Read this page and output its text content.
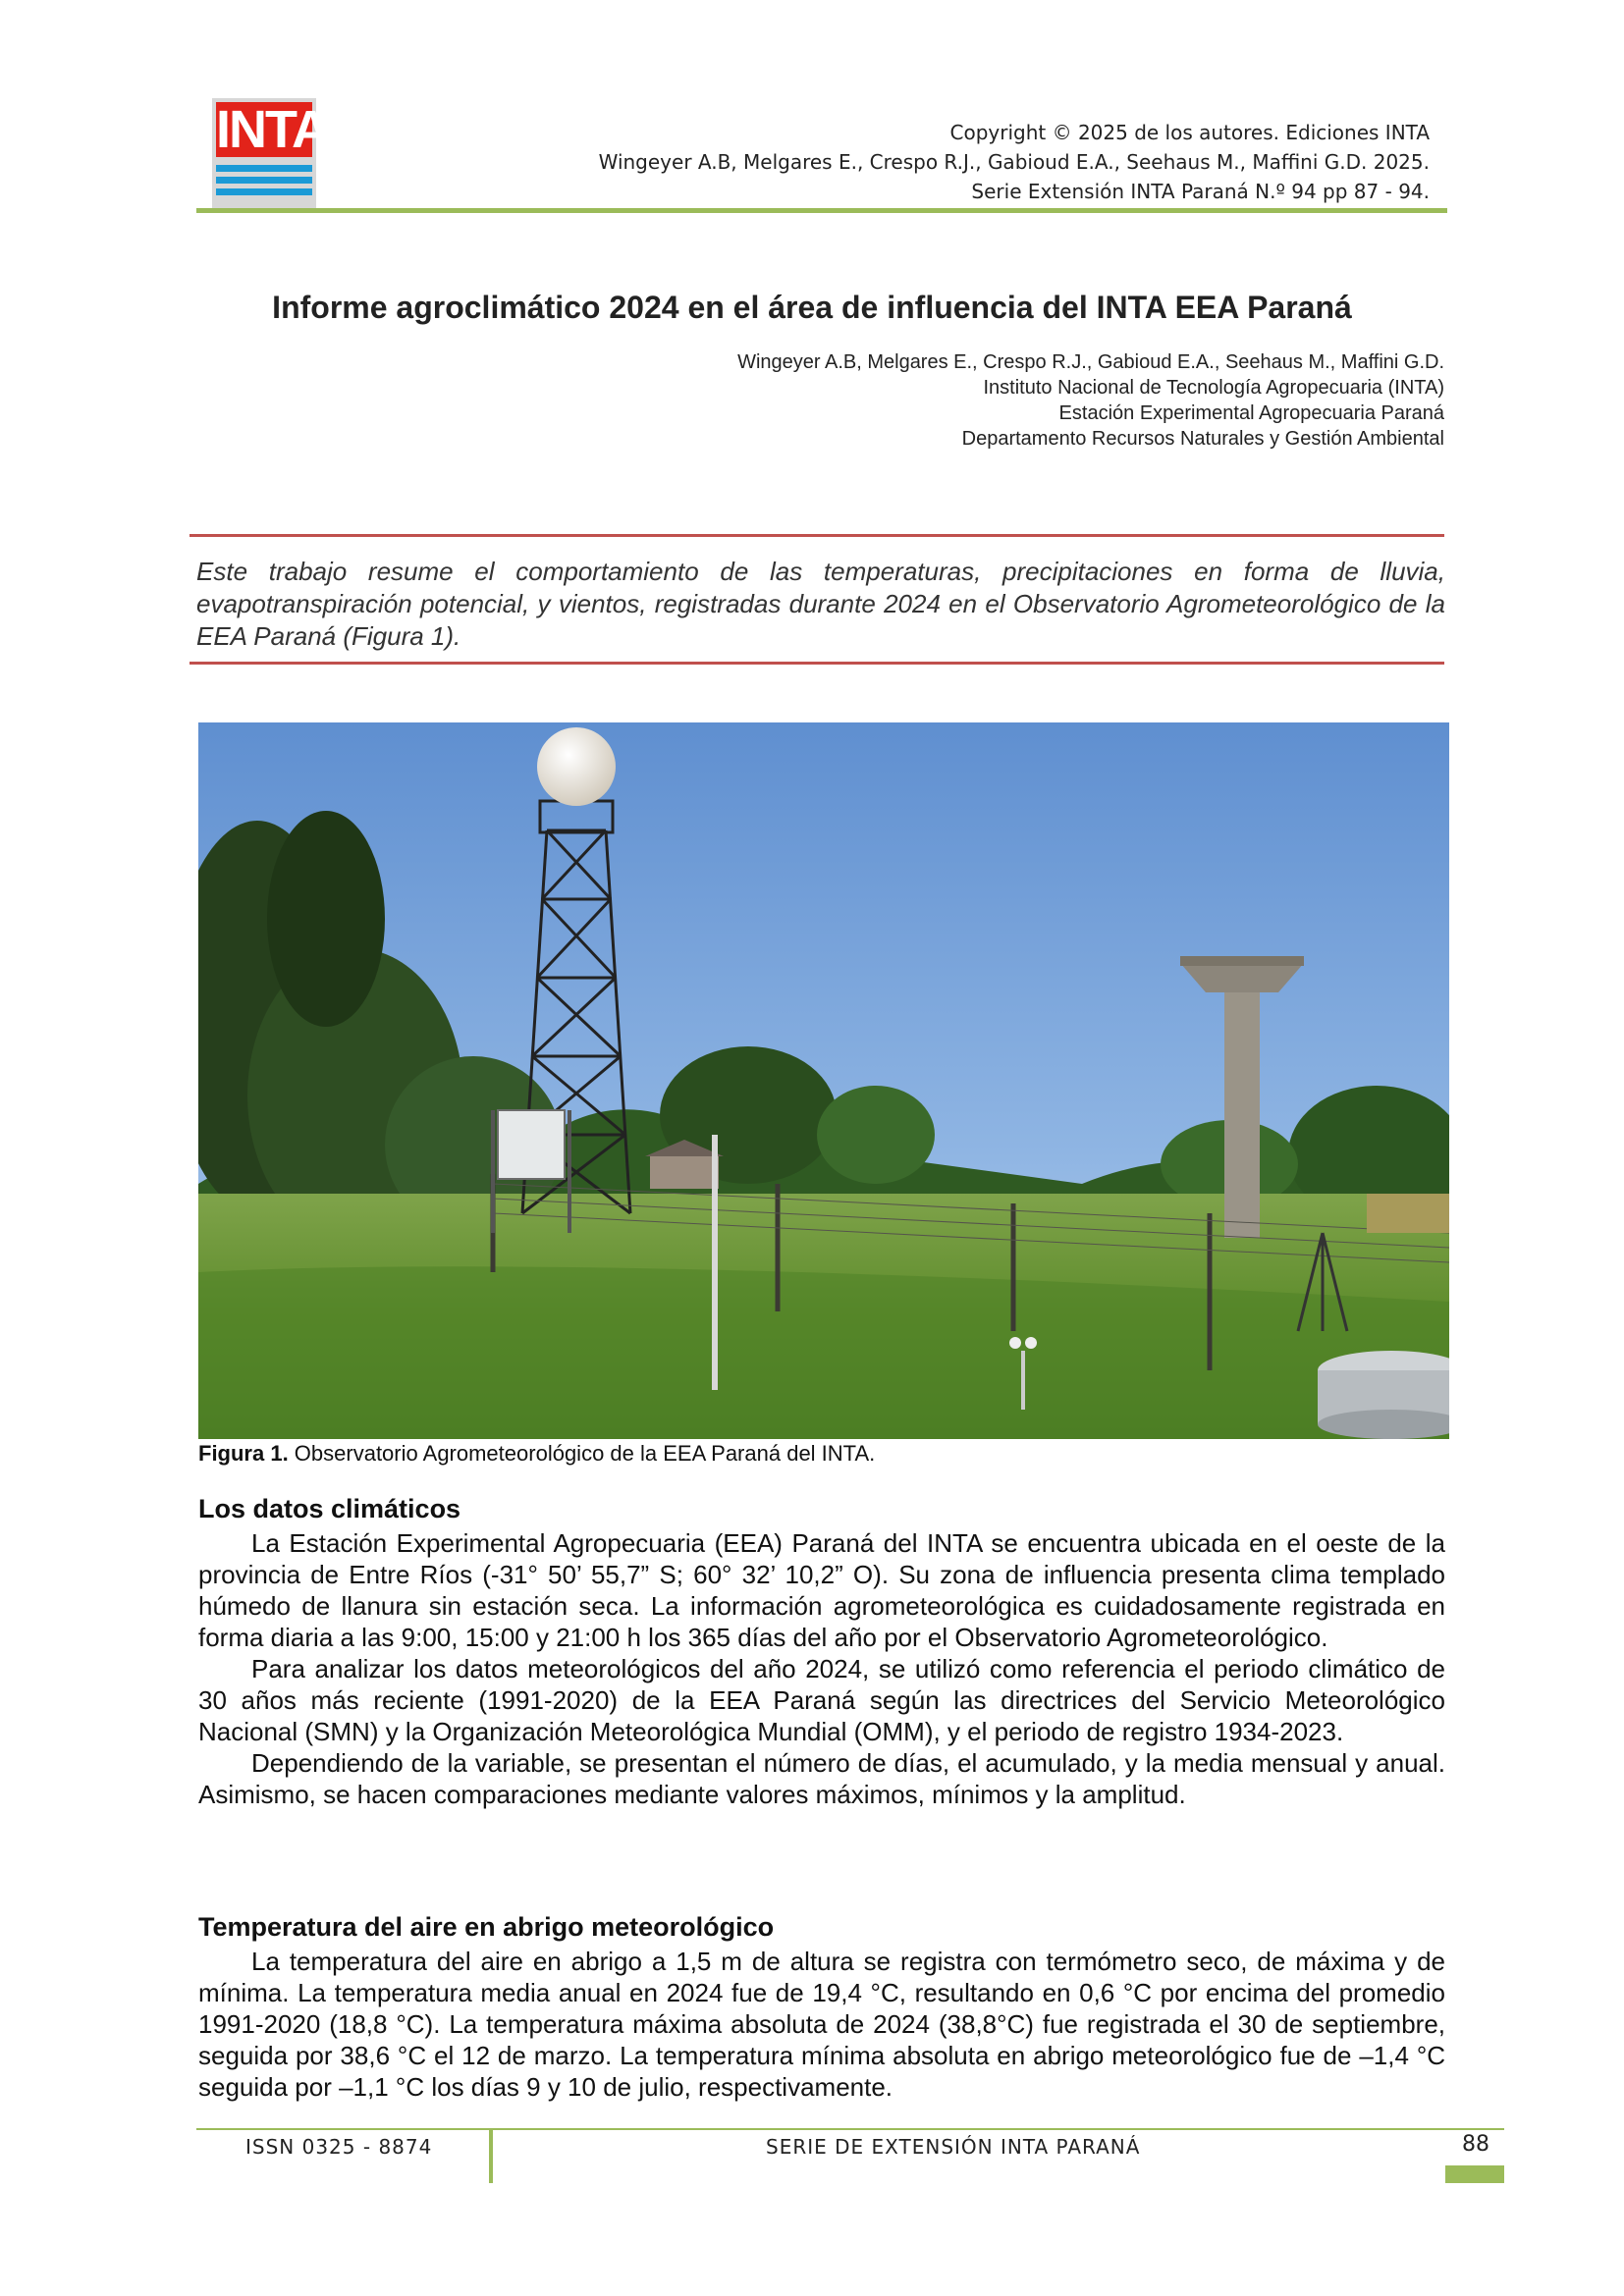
INTA	Copyright © 2025 de los autores. Ediciones INTA
Wingeyer A.B, Melgares E., Crespo R.J., Gabioud E.A., Seehaus M., Maffini G.D. 2025.
Serie Extensión INTA Paraná N.º 94 pp 87 - 94.
Informe agroclimático 2024 en el área de influencia del INTA EEA Paraná
Wingeyer A.B, Melgares E., Crespo R.J., Gabioud E.A., Seehaus M., Maffini G.D.
Instituto Nacional de Tecnología Agropecuaria (INTA)
Estación Experimental Agropecuaria Paraná
Departamento Recursos Naturales y Gestión Ambiental
Este trabajo resume el comportamiento de las temperaturas, precipitaciones en forma de lluvia, evapotranspiración potencial, y vientos, registradas durante 2024 en el Observatorio Agrometeorológico de la EEA Paraná (Figura 1).
Figura 1. Observatorio Agrometeorológico de la EEA Paraná del INTA.
Los datos climáticos

La Estación Experimental Agropecuaria (EEA) Paraná del INTA se encuentra ubicada en el oeste de la provincia de Entre Ríos (-31° 50’ 55,7” S; 60° 32’ 10,2” O). Su zona de influencia presenta clima templado húmedo de llanura sin estación seca. La información agrometeorológica es cuidadosamente registrada en forma diaria a las 9:00, 15:00 y 21:00 h los 365 días del año por el Observatorio Agrometeorológico.

Para analizar los datos meteorológicos del año 2024, se utilizó como referencia el periodo climático de 30 años más reciente (1991-2020) de la EEA Paraná según las directrices del Servicio Meteorológico Nacional (SMN) y la Organización Meteorológica Mundial (OMM), y el periodo de registro 1934-2023.

Dependiendo de la variable, se presentan el número de días, el acumulado, y la media mensual y anual. Asimismo, se hacen comparaciones mediante valores máximos, mínimos y la amplitud.

Temperatura del aire en abrigo meteorológico

La temperatura del aire en abrigo a 1,5 m de altura se registra con termómetro seco, de máxima y de mínima. La temperatura media anual en 2024 fue de 19,4 °C, resultando en 0,6 °C por encima del promedio 1991-2020 (18,8 °C). La temperatura máxima absoluta de 2024 (38,8°C) fue registrada el 30 de septiembre, seguida por 38,6 °C el 12 de marzo. La temperatura mínima absoluta en abrigo meteorológico fue de –1,4 °C seguida por –1,1 °C los días 9 y 10 de julio, respectivamente.

ISSN 0325 - 8874	SERIE DE EXTENSIÓN INTA PARANÁ	88
